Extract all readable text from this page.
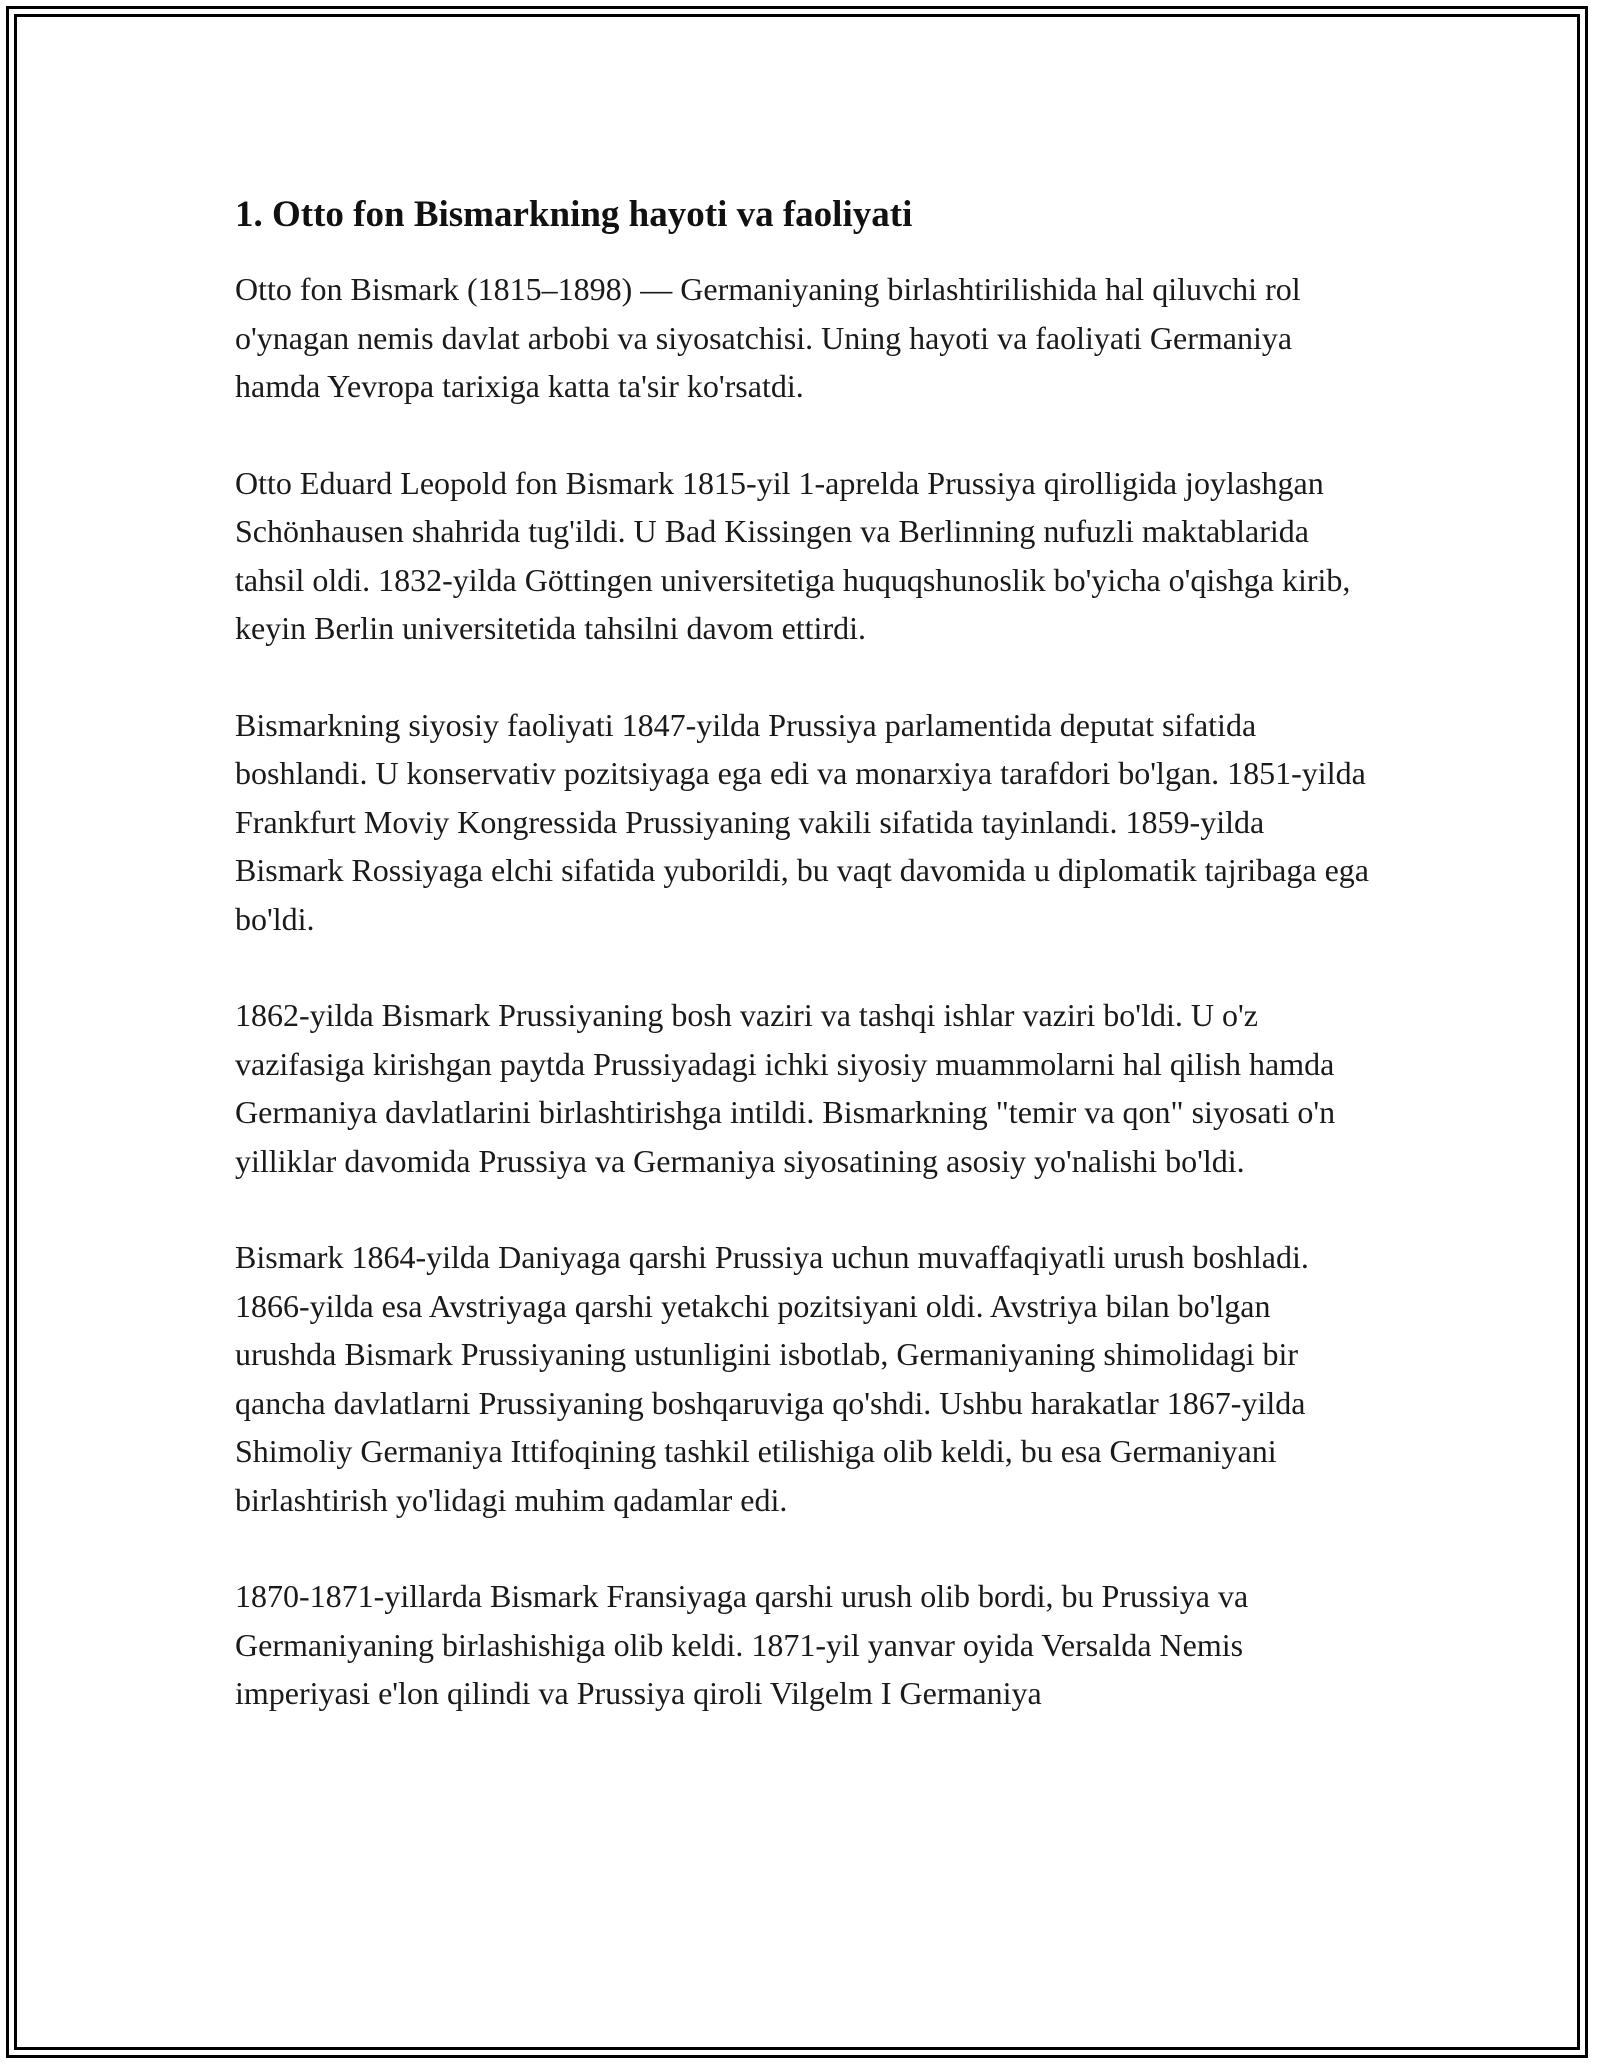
1. Otto fon Bismarkning hayoti va faoliyati

Otto fon Bismark (1815–1898) — Germaniyaning birlashtirilishida hal qiluvchi rol o'ynagan nemis davlat arbobi va siyosatchisi. Uning hayoti va faoliyati Germaniya hamda Yevropa tarixiga katta ta'sir ko'rsatdi.

Otto Eduard Leopold fon Bismark 1815-yil 1-aprelda Prussiya qirolligida joylashgan Schönhausen shahrida tug'ildi. U Bad Kissingen va Berlinning nufuzli maktablarida tahsil oldi. 1832-yilda Göttingen universitetiga huquqshunoslik bo'yicha o'qishga kirib, keyin Berlin universitetida tahsilni davom ettirdi.

Bismarkning siyosiy faoliyati 1847-yilda Prussiya parlamentida deputat sifatida boshlandi. U konservativ pozitsiyaga ega edi va monarxiya tarafdori bo'lgan. 1851-yilda Frankfurt Moviy Kongressida Prussiyaning vakili sifatida tayinlandi. 1859-yilda Bismark Rossiyaga elchi sifatida yuborildi, bu vaqt davomida u diplomatik tajribaga ega bo'ldi.

1862-yilda Bismark Prussiyaning bosh vaziri va tashqi ishlar vaziri bo'ldi. U o'z vazifasiga kirishgan paytda Prussiyadagi ichki siyosiy muammolarni hal qilish hamda Germaniya davlatlarini birlashtirishga intildi. Bismarkning "temir va qon" siyosati o'n yilliklar davomida Prussiya va Germaniya siyosatining asosiy yo'nalishi bo'ldi.

Bismark 1864-yilda Daniyaga qarshi Prussiya uchun muvaffaqiyatli urush boshladi. 1866-yilda esa Avstriyaga qarshi yetakchi pozitsiyani oldi. Avstriya bilan bo'lgan urushda Bismark Prussiyaning ustunligini isbotlab, Germaniyaning shimolidagi bir qancha davlatlarni Prussiyaning boshqaruviga qo'shdi. Ushbu harakatlar 1867-yilda Shimoliy Germaniya Ittifoqining tashkil etilishiga olib keldi, bu esa Germaniyani birlashtirish yo'lidagi muhim qadamlar edi.

1870-1871-yillarda Bismark Fransiyaga qarshi urush olib bordi, bu Prussiya va Germaniyaning birlashishiga olib keldi. 1871-yil yanvar oyida Versalda Nemis imperiyasi e'lon qilindi va Prussiya qiroli Vilgelm I Germaniya
